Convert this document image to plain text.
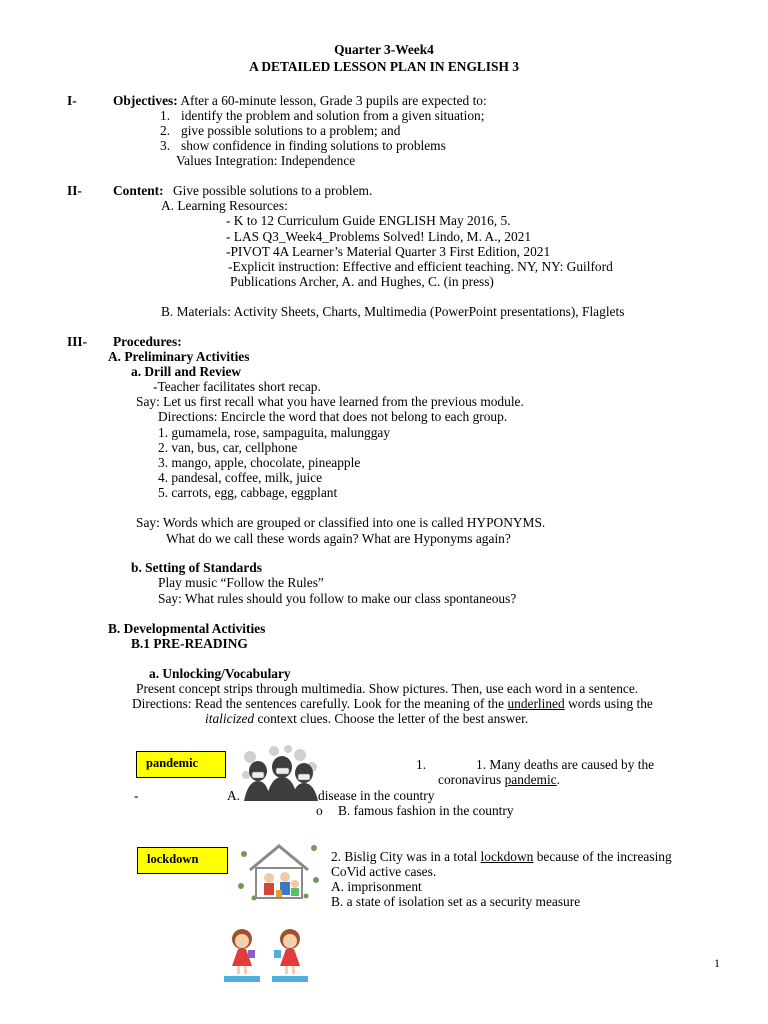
Quarter 3-Week4
A DETAILED LESSON PLAN IN ENGLISH 3
I-	Objectives: After a 60-minute lesson, Grade 3 pupils are expected to:
1. identify the problem and solution from a given situation;
2. give possible solutions to a problem; and
3. show confidence in finding solutions to problems
Values Integration: Independence
II- Content: Give possible solutions to a problem.
A. Learning Resources:
- K to 12 Curriculum Guide ENGLISH May 2016, 5.
- LAS Q3_Week4_Problems Solved! Lindo, M. A., 2021
-PIVOT 4A Learner’s Material Quarter 3 First Edition, 2021
-Explicit instruction: Effective and efficient teaching. NY, NY: Guilford
Publications Archer, A. and Hughes, C. (in press)
B. Materials: Activity Sheets, Charts, Multimedia (PowerPoint presentations), Flaglets
III- Procedures:
A. Preliminary Activities
a. Drill and Review
-Teacher facilitates short recap.
Say: Let us first recall what you have learned from the previous module.
Directions: Encircle the word that does not belong to each group.
1. gumamela, rose, sampaguita, malunggay
2. van, bus, car, cellphone
3. mango, apple, chocolate, pineapple
4. pandesal, coffee, milk, juice
5. carrots, egg, cabbage, eggplant
Say: Words which are grouped or classified into one is called HYPONYMS.
What do we call these words again? What are Hyponyms again?
b. Setting of Standards
Play music “Follow the Rules”
Say: What rules should you follow to make our class spontaneous?
B. Developmental Activities
B.1 PRE-READING
a. Unlocking/Vocabulary
Present concept strips through multimedia. Show pictures. Then, use each word in a sentence.
Directions: Read the sentences carefully. Look for the meaning of the underlined words using the
italicized context clues. Choose the letter of the best answer.
pandemic	1.	1. Many deaths are caused by the
coronavirus pandemic.
-	A.	disease in the country
o B. famous fashion in the country
lockdown	2. Bislig City was in a total lockdown because of the increasing
CoVid active cases.
A. imprisonment
B. a state of isolation set as a security measure
1
